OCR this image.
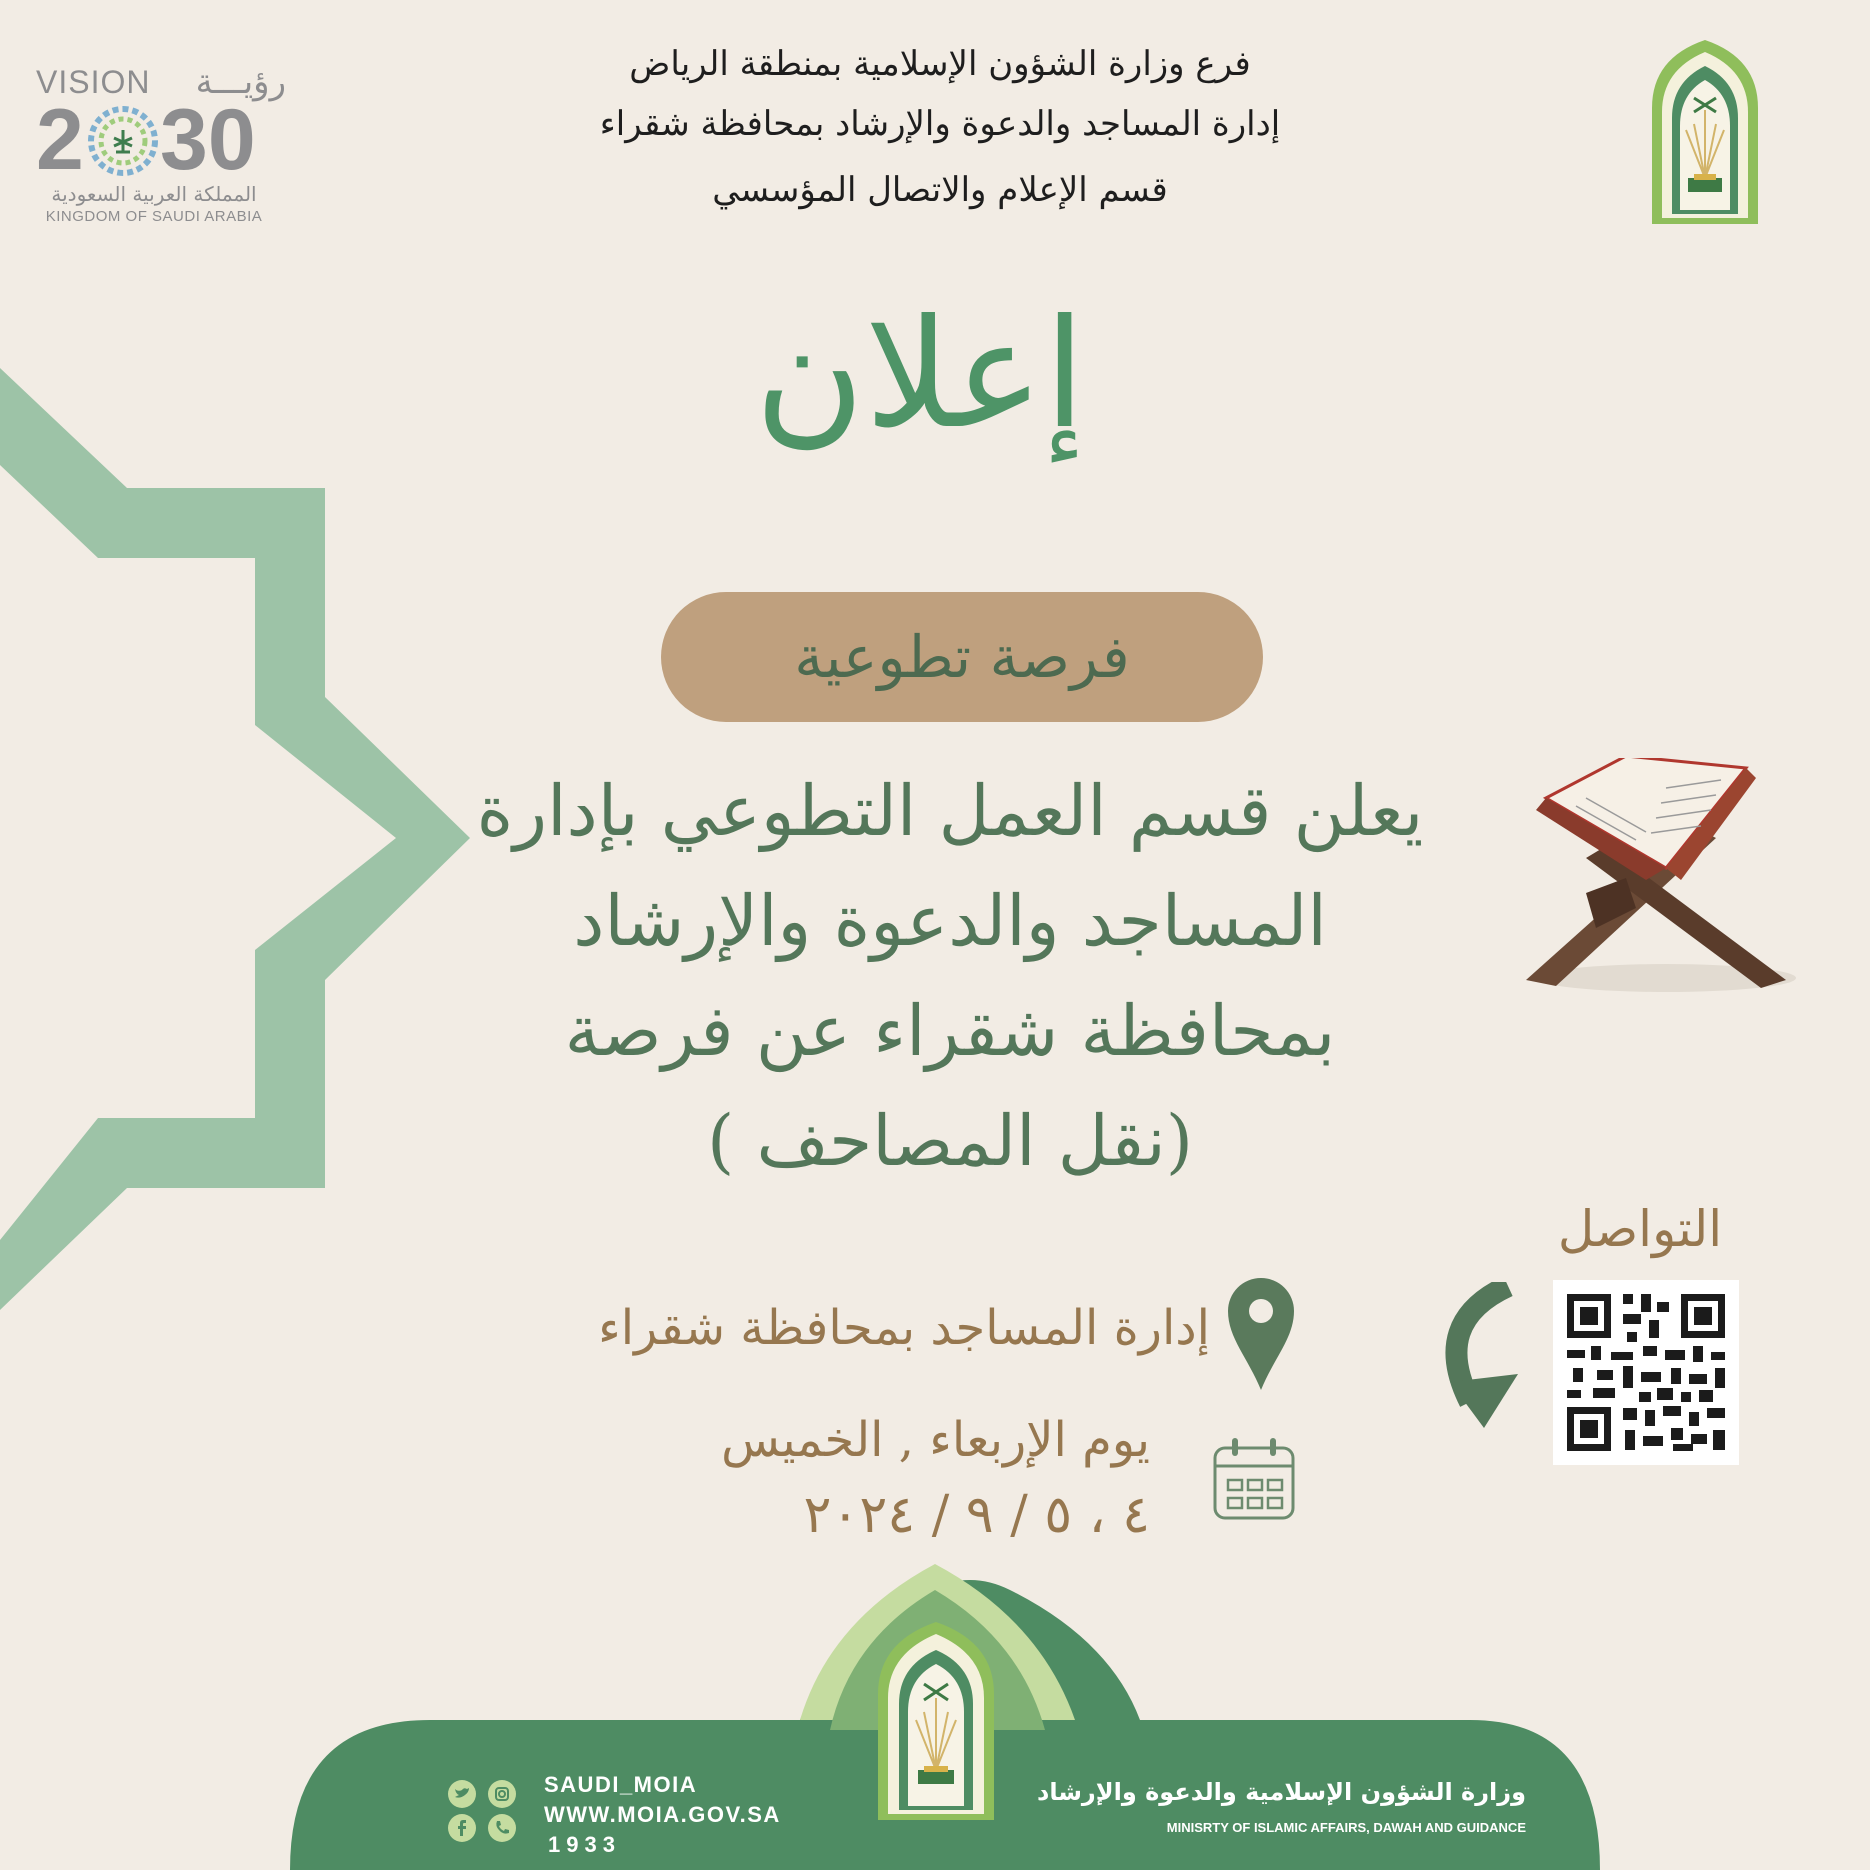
فرع وزارة الشؤون الإسلامية بمنطقة الرياض
إدارة المساجد والدعوة والإرشاد بمحافظة شقراء
قسم الإعلام والاتصال المؤسسي
VISION رؤيـــة
2 30
المملكة العربية السعودية
KINGDOM OF SAUDI ARABIA
إعلان
فرصة تطوعية
يعلن قسم العمل التطوعي بإدارة
المساجد والدعوة والإرشاد
بمحافظة شقراء عن فرصة
(نقل المصاحف )
التواصل
إدارة المساجد بمحافظة شقراء
يوم الإربعاء , الخميس
٤ ، ٥ / ٩ / ٢٠٢٤
وزارة الشؤون الإسلامية والدعوة والإرشاد
MINISRTY OF ISLAMIC AFFAIRS, DAWAH AND GUIDANCE
SAUDI_MOIA
WWW.MOIA.GOV.SA
1933
